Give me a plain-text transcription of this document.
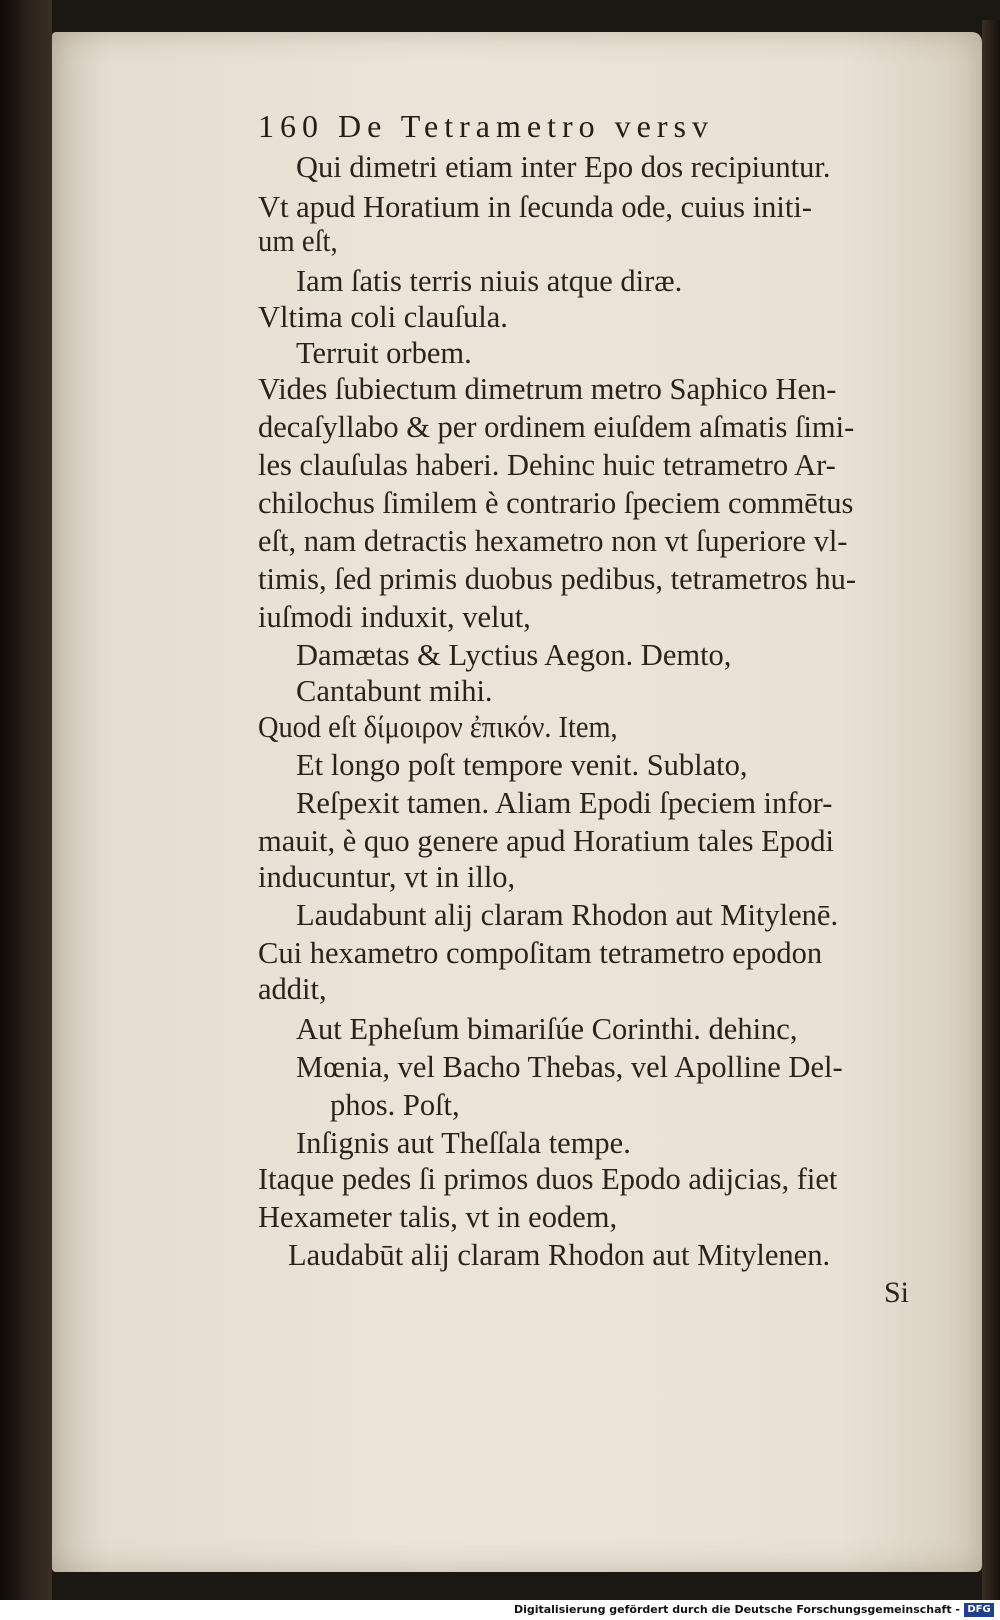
160 De Tetrametro versv
Qui dimetri etiam inter Epo dos recipiuntur.
Vt apud Horatium in ſecunda ode, cuius initi-
um eſt,
Iam ſatis terris niuis atque diræ.
Vltima coli clauſula.
Terruit orbem.
Vides ſubiectum dimetrum metro Saphico Hen-
decaſyllabo & per ordinem eiuſdem aſmatis ſimi-
les clauſulas haberi. Dehinc huic tetrametro Ar-
chilochus ſimilem è contrario ſpeciem commētus
eſt, nam detractis hexametro non vt ſuperiore vl-
timis, ſed primis duobus pedibus, tetrametros hu-
iuſmodi induxit, velut,
Damætas & Lyctius Aegon. Demto,
Cantabunt mihi.
Quod eſt δίμοιρον ἐπικόν. Item,
Et longo poſt tempore venit. Sublato,
Reſpexit tamen. Aliam Epodi ſpeciem infor-
mauit, è quo genere apud Horatium tales Epodi
inducuntur, vt in illo,
Laudabunt alij claram Rhodon aut Mitylenē.
Cui hexametro compoſitam tetrametro epodon
addit,
Aut Epheſum bimariſúe Corinthi. dehinc,
Mœnia, vel Bacho Thebas, vel Apolline Del-
phos. Poſt,
Inſignis aut Theſſala tempe.
Itaque pedes ſi primos duos Epodo adijcias, fiet
Hexameter talis, vt in eodem,
Laudabūt alij claram Rhodon aut Mitylenen.
Si
Digitalisierung gefördert durch die Deutsche Forschungsgemeinschaft - DFG
